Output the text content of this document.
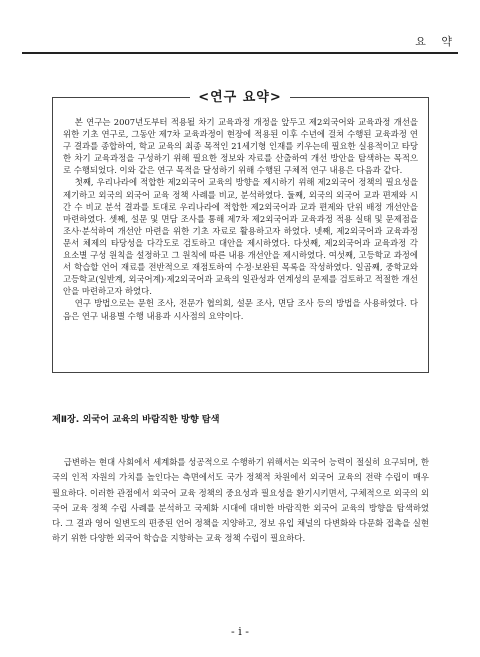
요 약

본 연구는 2007년도부터 적용될 차기 교육과정 개정을 앞두고 제2외국어와 교육과정 개선을 위한 기초 연구로, 그동안 제7차 교육과정이 현장에 적용된 이후 수년에 걸쳐 수행된 교육과정 연구 결과를 종합하여, 학교 교육의 최종 목적인 21세기형 인재를 키우는데 필요한 실용적이고 타당한 차기 교육과정을 구성하기 위해 필요한 정보와 자료를 산출하여 개선 방안을 탐색하는 목적으로 수행되었다. 이와 같은 연구 목적을 달성하기 위해 수행된 구체적 연구 내용은 다음과 같다.

첫째, 우리나라에 적합한 제2외국어 교육의 방향을 제시하기 위해 제2외국어 정책의 필요성을 제기하고 외국의 외국어 교육 정책 사례를 비교, 분석하였다. 둘째, 외국의 외국어 교과 편제와 시간 수 비교 분석 결과를 토대로 우리나라에 적합한 제2외국어과 교과 편제와 단위 배정 개선안을 마련하였다. 셋째, 설문 및 면담 조사를 통해 제7차 제2외국어과 교육과정 적용 실태 및 문제점을 조사·분석하여 개선안 마련을 위한 기초 자료로 활용하고자 하였다. 넷째, 제2외국어과 교육과정 문서 체제의 타당성을 다각도로 검토하고 대안을 제시하였다. 다섯째, 제2외국어과 교육과정 각 요소별 구성 원칙을 설정하고 그 원칙에 따른 내용 개선안을 제시하였다. 여섯째, 고등학교 과정에서 학습할 언어 재료를 전반적으로 재점토하여 수정·보완된 목록을 작성하였다. 일곱째, 중학교와 고등학교(일반계, 외국어계)·제2외국어과 교육의 일관성과 연계성의 문제를 검토하고 적절한 개선안을 마련하고자 하였다.

연구 방법으로는 문헌 조사, 전문가 협의회, 설문 조사, 면담 조사 등의 방법을 사용하였다. 다음은 연구 내용별 수행 내용과 시사점의 요약이다.

<연구 요약>
제Ⅱ장. 외국어 교육의 바람직한 방향 탐색

급변하는 현대 사회에서 세계화를 성공적으로 수행하기 위해서는 외국어 능력이 절실히 요구되며, 한국의 인적 자원의 가치를 높인다는 측면에서도 국가 정책적 차원에서 외국어 교육의 전략 수립이 매우 필요하다. 이러한 관점에서 외국어 교육 정책의 중요성과 필요성을 환기시키면서, 구체적으로 외국의 외국어 교육 정책 수립 사례를 분석하고 국제화 시대에 대비한 바람직한 외국어 교육의 방향을 탐색하였다. 그 결과 영어 일변도의 편중된 언어 정책을 지양하고, 정보 유입 채널의 다변화와 다문화 접촉을 실현하기 위한 다양한 외국어 학습을 지향하는 교육 정책 수립이 필요하다.

- i -
